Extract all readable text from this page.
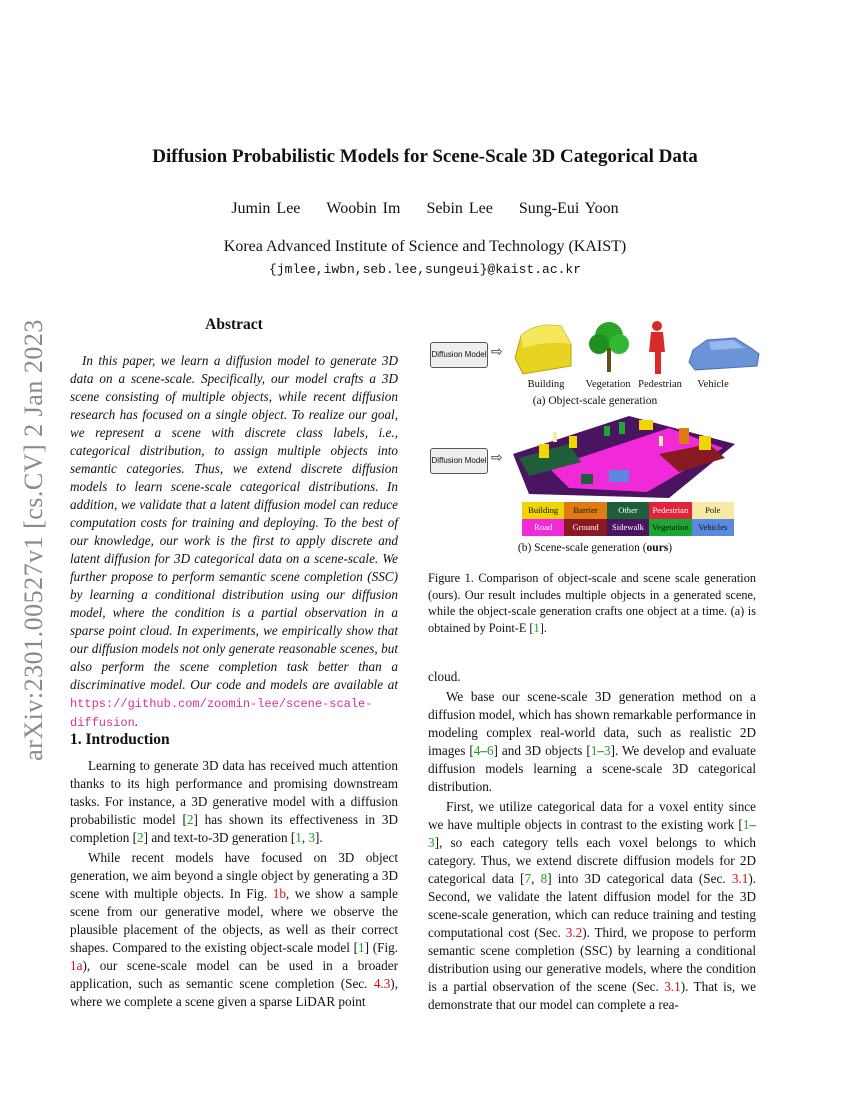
Diffusion Probabilistic Models for Scene-Scale 3D Categorical Data
Jumin Lee Woobin Im Sebin Lee Sung-Eui Yoon
Korea Advanced Institute of Science and Technology (KAIST)
{jmlee,iwbn,seb.lee,sungeui}@kaist.ac.kr
arXiv:2301.00527v1 [cs.CV] 2 Jan 2023	Abstract

In this paper, we learn a diffusion model to generate 3D data on a scene-scale. Specifically, our model crafts a 3D scene consisting of multiple objects, while recent diffusion research has focused on a single object. To realize our goal, we represent a scene with discrete class labels, i.e., categorical distribution, to assign multiple objects into semantic categories. Thus, we extend discrete diffusion models to learn scene-scale categorical distributions. In addition, we validate that a latent diffusion model can reduce computation costs for training and deploying. To the best of our knowledge, our work is the first to apply discrete and latent diffusion for 3D categorical data on a scene-scale. We further propose to perform semantic scene completion (SSC) by learning a conditional distribution using our diffusion model, where the condition is a partial observation in a sparse point cloud. In experiments, we empirically show that our diffusion models not only generate reasonable scenes, but also perform the scene completion task better than a discriminative model. Our code and models are available at https://github.com/zoomin-lee/scene-scale-diffusion.

1. Introduction

Learning to generate 3D data has received much attention thanks to its high performance and promising downstream tasks. For instance, a 3D generative model with a diffusion probabilistic model [2] has shown its effectiveness in 3D completion [2] and text-to-3D generation [1, 3].

While recent models have focused on 3D object generation, we aim beyond a single object by generating a 3D scene with multiple objects. In Fig. 1b, we show a sample scene from our generative model, where we observe the plausible placement of the objects, as well as their correct shapes. Compared to the existing object-scale model [1] (Fig. 1a), our scene-scale model can be used in a broader application, such as semantic scene completion (Sec. 4.3), where we complete a scene given a sparse LiDAR point

cloud.

We base our scene-scale 3D generation method on a diffusion model, which has shown remarkable performance in modeling complex real-world data, such as realistic 2D images [4–6] and 3D objects [1–3]. We develop and evaluate diffusion models learning a scene-scale 3D categorical distribution.

First, we utilize categorical data for a voxel entity since we have multiple objects in contrast to the existing work [1–3], so each category tells each voxel belongs to which category. Thus, we extend discrete diffusion models for 2D categorical data [7, 8] into 3D categorical data (Sec. 3.1). Second, we validate the latent diffusion model for the 3D scene-scale generation, which can reduce training and testing computational cost (Sec. 3.2). Third, we propose to perform semantic scene completion (SSC) by learning a conditional distribution using our generative models, where the condition is a partial observation of the scene (Sec. 3.1). That is, we demonstrate that our model can complete a rea-

Diffusion Model ⇨
Building	Vegetation Pedestrian	Vehicle
(a) Object-scale generation
Diffusion Model ⇨
Building	Barrier	Other	Pedestrian	Pole
Road	Ground	Sidewalk Vegetation	Vehicles
(b) Scene-scale generation (ours)
Figure 1. Comparison of object-scale and scene scale generation (ours). Our result includes multiple objects in a generated scene, while the object-scale generation crafts one object at a time. (a) is obtained by Point-E [1].
